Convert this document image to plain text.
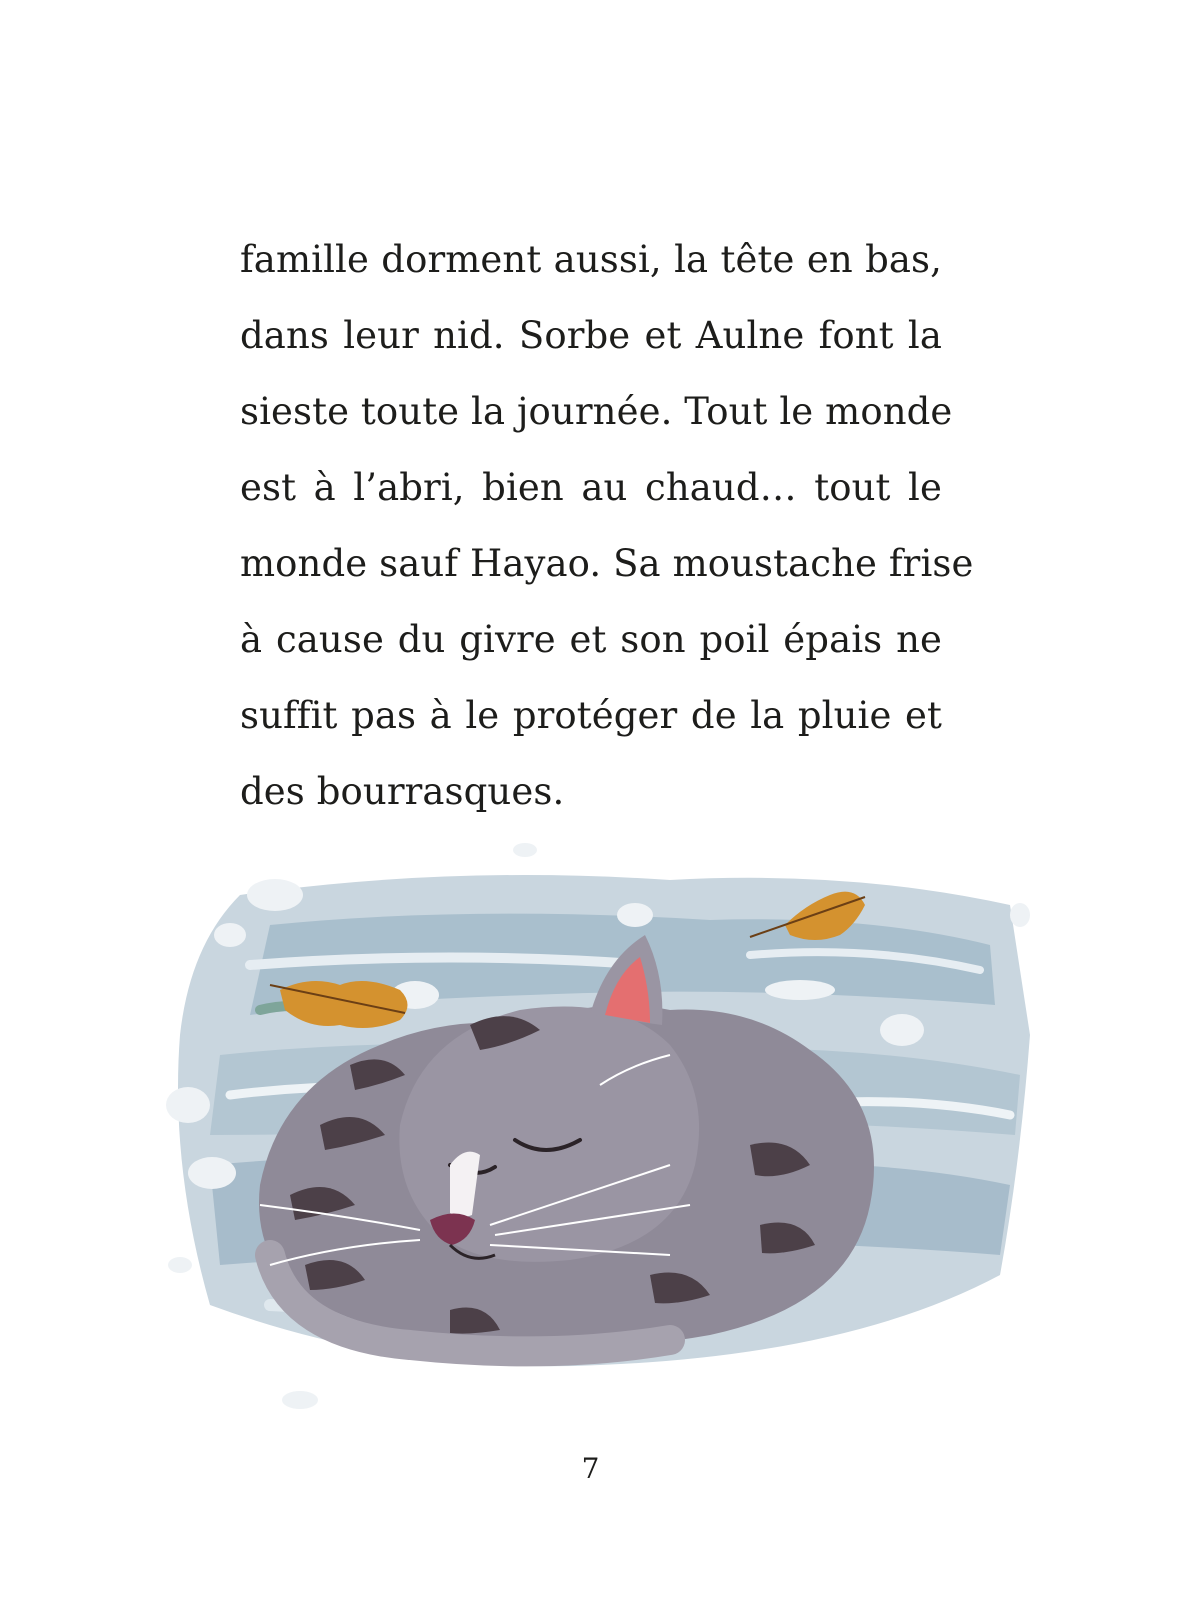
famille dorment aussi, la tête en bas,
dans leur nid. Sorbe et Aulne font la
sieste toute la journée. Tout le monde
est à l’abri, bien au chaud… tout le
monde sauf Hayao. Sa moustache frise
à cause du givre et son poil épais ne
suffit pas à le protéger de la pluie et
des bourrasques.
7
